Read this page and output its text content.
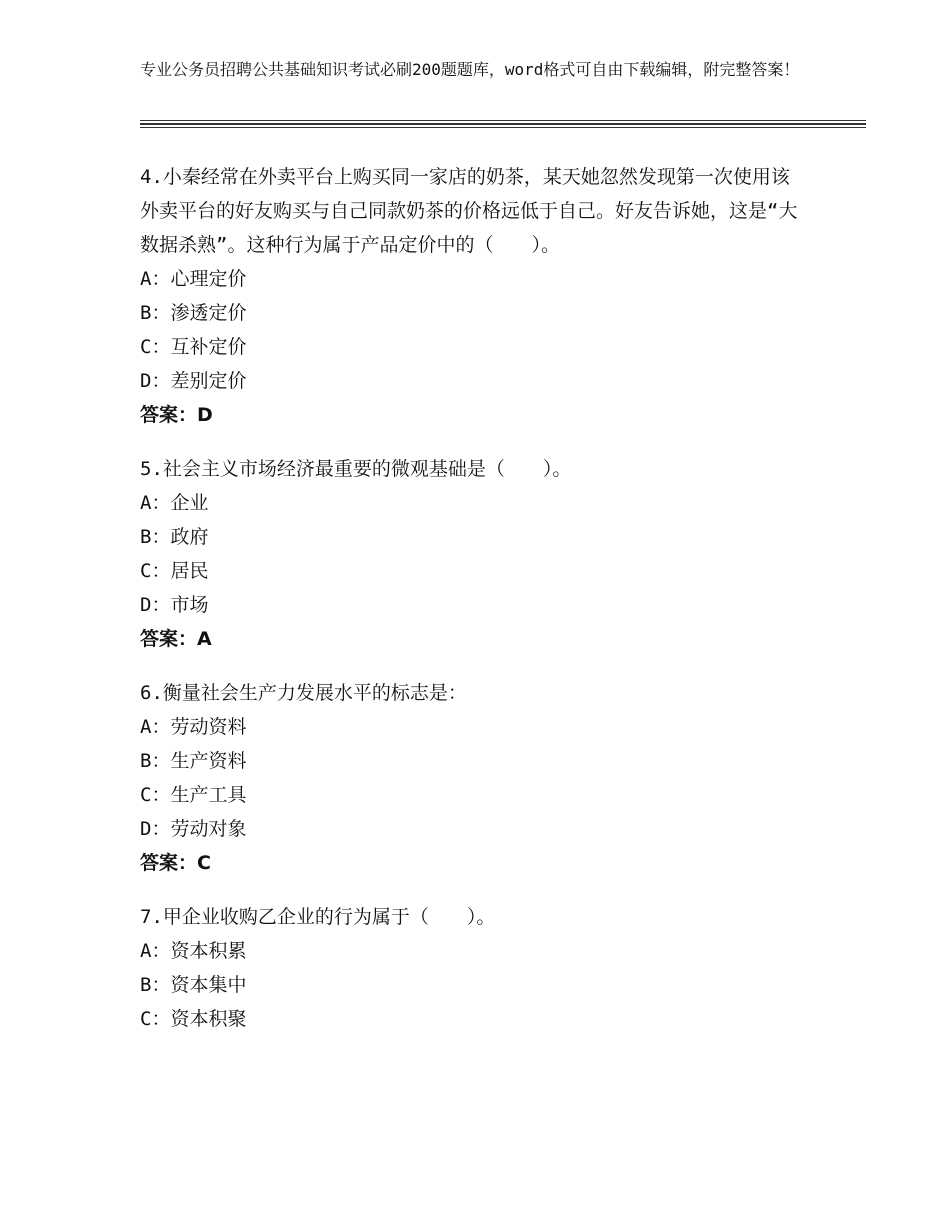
专业公务员招聘公共基础知识考试必刷200题题库，word格式可自由下载编辑，附完整答案！

4.小秦经常在外卖平台上购买同一家店的奶茶，某天她忽然发现第一次使用该外卖平台的好友购买与自己同款奶茶的价格远低于自己。好友告诉她，这是“大数据杀熟”。这种行为属于产品定价中的（　　）。

A：心理定价

B：渗透定价

C：互补定价

D：差别定价

答案：D

5.社会主义市场经济最重要的微观基础是（　　）。

A：企业

B：政府

C：居民

D：市场

答案：A

6.衡量社会生产力发展水平的标志是：

A：劳动资料

B：生产资料

C：生产工具

D：劳动对象

答案：C

7.甲企业收购乙企业的行为属于（　　）。

A：资本积累

B：资本集中

C：资本积聚
